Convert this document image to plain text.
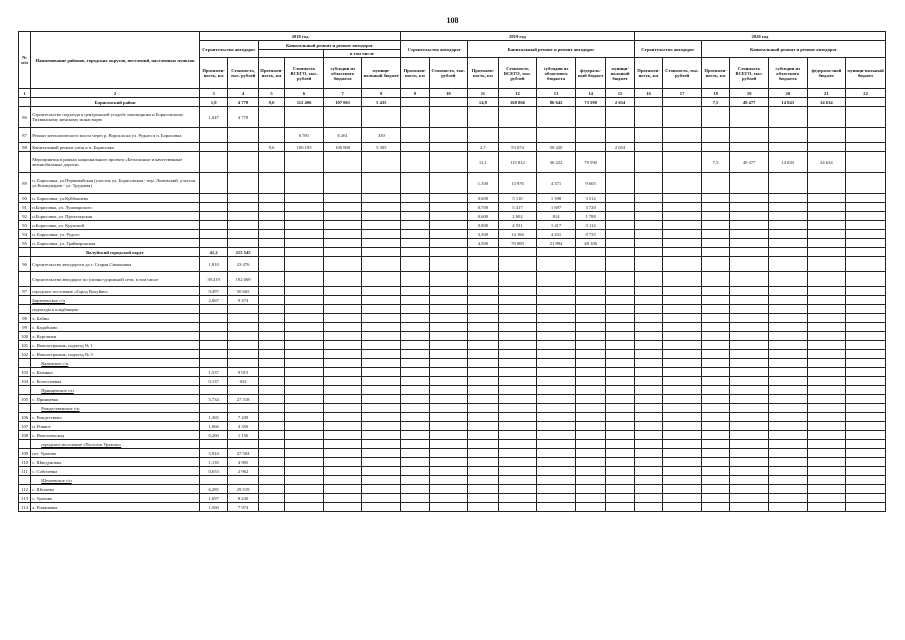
108
№ п/п	Наименование районов, городских округов, поселений, населенных пунктов	2018 год						2019 год							2020 год						
		Строительство автодорог		Капитальный ремонт и ремонт автодорог				Строительство автодорог		Капитальный ремонт и ремонт автодорог					Строительство автодорог		Капитальный ремонт и ремонт автодорог				
						в том числе															
		Протяжен-ность, км	Стоимость, тыс. рублей	Протяжен-ность, км	Стоимость ВСЕГО, тыс. рублей	субсидии из областного бюджета	муници-пальный бюджет	Протяжен-ность, км	Стоимость, тыс. рублей	Протяжен-ность, км	Стоимость ВСЕГО, тыс. рублей	субсидии из областного бюджета	федераль-ный бюджет	муници-пальный бюджет	Протяжен-ность, км	Стоимость, тыс. рублей	Протяжен-ность, км	Стоимость ВСЕГО, тыс. рублей	субсидии из областного бюджета	федераль-ный бюджет	муници-пальный бюджет
1	2	3	4	5	6	7	8	9	10	11	12	13	14	15	16	17	18	19	20	21	22
	Борисовский район	1,0	4 778	9,6	112 496	107 061	5 435			14,8	168 866	86 642	73 590	2 654			7,5	49 477	14 843	34 634	
86	Строительство подъезда к центральной усадьбе заповедника и Борисовскому Тихвинскому женскому монастырю	1,047	4 778																		
87	Ремонт металлического моста через р. Ворскла на ул. Руднго в п. Борисовка				6 591	6 261	330														
88	Капитальный ремонт улиц в п. Борисовка			9,6	106 105	100 800	5 305			2,7	53 074	50 420		2 654							
	Мероприятия в рамках национального проекта «Безопасные и качественные автомобильные дороги»									12,1	115 812	36 222	79 590				7,5	49 477	14 843	34 634	
89	п. Борисовка, ул.Первомайская (участок ул. Борисовская - пер. Ломовский, участок ул.Коммунаров - ул. Трудовая)									1,100	13 976	4 371	9 605								
90	п. Борисовка, ул.Куйбышева									0,600	5 110	1 598	3 512								
91	п.Борисовка, ул. Луначарского									0,700	5 417	1 697	3 720								
92	п.Борисовка, ул. Пролетарская									0,600	2 602	814	1 788								
93	п.Борисовка, ул. Крупской									0,800	4 531	1 417	3 114								
94	п. Борисовка, ул. Рудого									3,300	14 166	4 431	9 735								
95	п. Борисовка, ул. Грайворонская									4,500	70 000	21 894	48 106								
	Валуйский городской округ	41,2	215 545																		
96	Строительство автодороги до г. Старая Симоновка	1,810	23 476																		
	Строительство автодорог по улично-дорожной сети, в том числе	39,419	192 069																		
97	городское поселение «Город Валуйки»	9,497	50 665																		
	Бирюченское с/п	2,067	9 474																		
	подъезды к кладбищам:																				
98	х. Бабин																				
99	с. Кадабцово																				
100	х. Кургашки																				
101	с. Новоастрахань, подъезд № 1																				
102	с. Новоастрахань, подъезд № 3																				
	Казинское с/п																				
103	с. Казинка	1,537	9 915																		
104	с. Колоспаевка	0,137	652																		
	Принцевское с/п																				
105	с. Принцевка	5,734	27 318																		
	Рождественское с/п																				
106	с. Рождествено	1,365	7 439																		
107	п. Ровное	1,066	4 356																		
108	с. Новоалександ	0,260	1 156																		
	городское поселение «Поселок Уразово»																				
109	пгт. Уразово	5,924	27 504																		
110	с. Шведуновка	1,135	4 905																		
111	с. Собочевка	0,653	2 962																		
	Шелаевское с/п																				
112	с. Шелаево	6,285	29 519																		
113	с. Уразово	1,697	8 230																		
114	х. Романовка	1,560	7 974																		
